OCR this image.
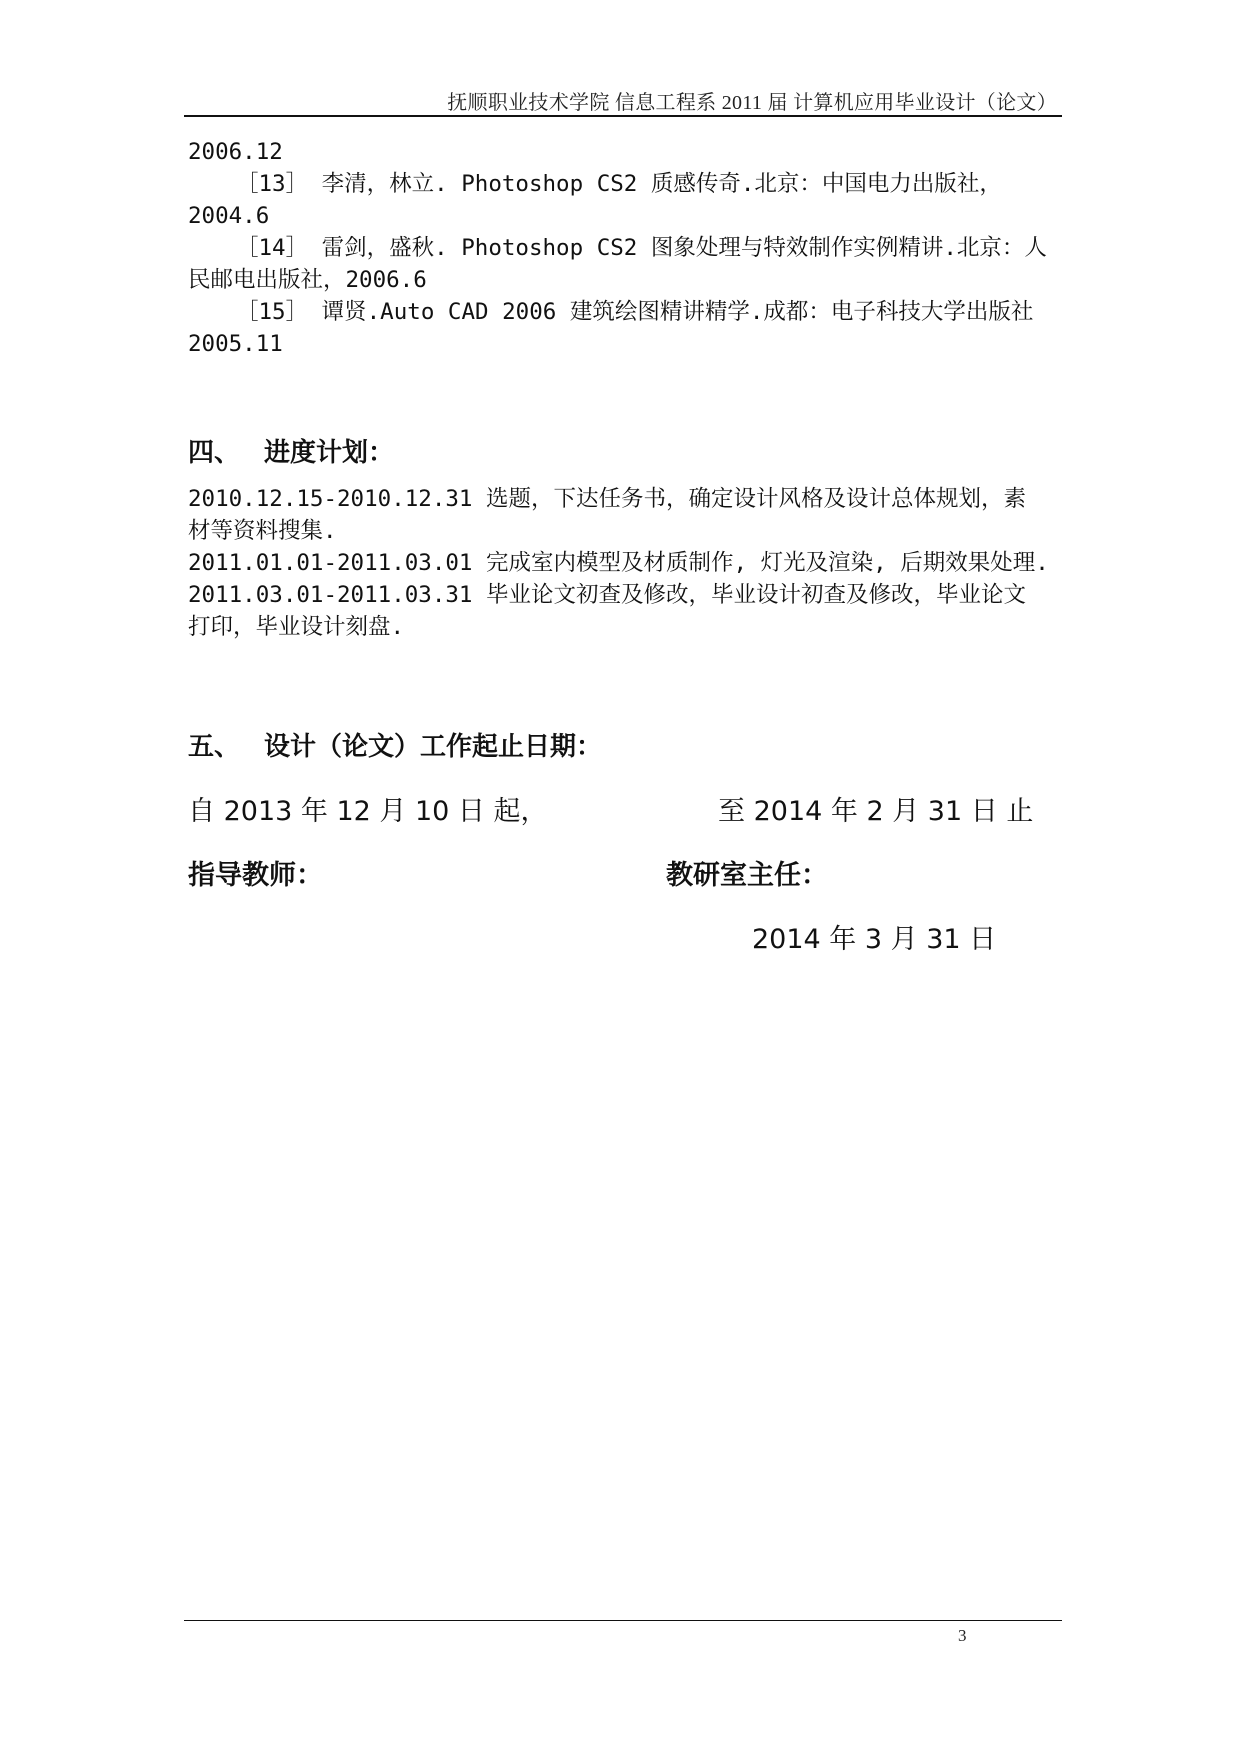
抚顺职业技术学院 信息工程系 2011 届 计算机应用毕业设计（论文）
2006.12
［13］ 李清，林立. Photoshop CS2 质感传奇.北京：中国电力出版社，
2004.6
［14］ 雷剑，盛秋. Photoshop CS2 图象处理与特效制作实例精讲.北京：人
民邮电出版社，2006.6
［15］ 谭贤.Auto CAD 2006 建筑绘图精讲精学.成都：电子科技大学出版社
2005.11
四、 进度计划：
2010.12.15-2010.12.31 选题，下达任务书，确定设计风格及设计总体规划，素
材等资料搜集.
2011.01.01-2011.03.01 完成室内模型及材质制作, 灯光及渲染, 后期效果处理.
2011.03.01-2011.03.31 毕业论文初查及修改，毕业设计初查及修改，毕业论文
打印，毕业设计刻盘.
五、 设计（论文）工作起止日期：
自 2013 年 12 月 10 日 起，	至 2014 年 2 月 31 日 止
指导教师：	教研室主任：
2014 年 3 月 31 日
3
